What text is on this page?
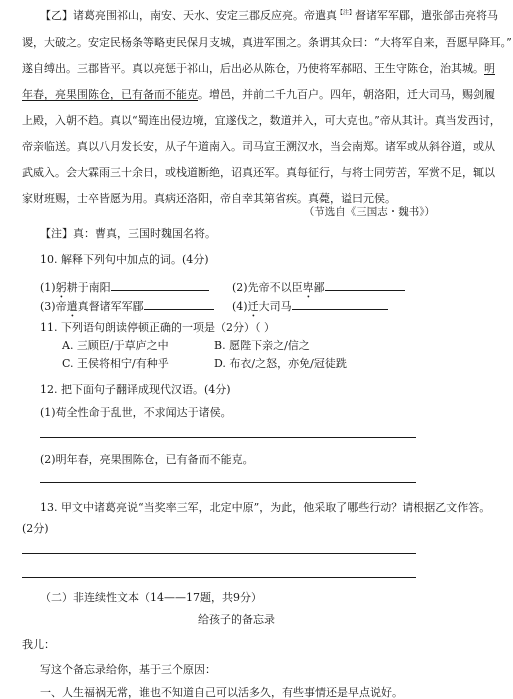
【乙】诸葛亮围祁山，南安、天水、安定三郡反应亮。帝遣真$^{【注】}$督诸军军郿，遣张郃击亮将马
谡，大破之。安定民杨条等略吏民保月支城，真进军围之。条谓其众曰：“大将军自来，吾愿早降耳。”
遂自缚出。三郡皆平。真以亮惩于祁山，后出必从陈仓，乃使将军郝昭、王生守陈仓，治其城。明
年春，亮果围陈仓，已有备而不能克。增邑，并前二千九百户。四年，朝洛阳，迁大司马，赐剑履
上殿，入朝不趋。真以“蜀连出侵边境，宜遂伐之，数道并入，可大克也。”帝从其计。真当发西讨，
帝亲临送。真以八月发长安，从子午道南入。司马宣王溯汉水，当会南郑。诸军或从斜谷道，或从
武威入。会大霖雨三十余日，或栈道断绝，诏真还军。真每征行，与将士同劳苦，军赏不足，辄以
家财班赐，士卒皆愿为用。真病还洛阳，帝自幸其第省疾。真薨，谥曰元侯。
（节选自《三国志・魏书》）
【注】真：曹真，三国时魏国名将。
10. 解释下列句中加点的词。(4分)
(1)躬耕于南阳	(2)先帝不以臣卑鄙
(3)帝遣真督诸军军郿	(4)迁大司马
11. 下列语句朗读停顿正确的一项是（2分）（ ）
A. 三顾臣/于草庐之中	B. 愿陛下亲之/信之
C. 王侯将相宁/有种乎	D. 布衣/之怒，亦免/冠徒跣
12. 把下面句子翻译成现代汉语。(4分)
(1)苟全性命于乱世，不求闻达于诸侯。
(2)明年春，亮果围陈仓，已有备而不能克。
13. 甲文中诸葛亮说“当奖率三军，北定中原”，为此，他采取了哪些行动？请根据乙文作答。
(2分)
（二）非连续性文本（14——17题，共9分）
给孩子的备忘录
我儿：
写这个备忘录给你，基于三个原因：
一、人生福祸无常，谁也不知道自己可以活多久，有些事情还是早点说好。
